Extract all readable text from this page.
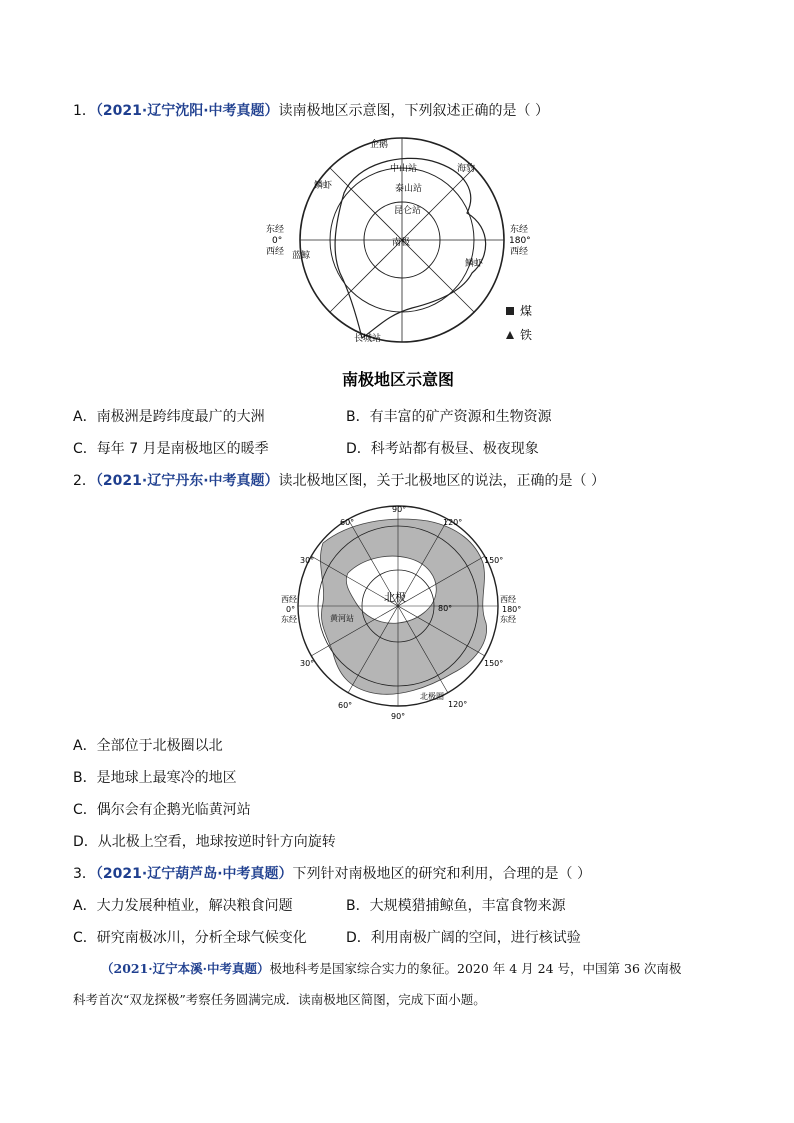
1．（2021·辽宁沈阳·中考真题）读南极地区示意图，下列叙述正确的是（ ）
南极
企鹅
中山站
泰山站
昆仑站
长城站
海豹
鳞虾
鳞虾
蓝鲸
东经
0°
西经
东经
180°
西经
煤
铁
南极地区示意图
A．南极洲是跨纬度最广的大洲	B．有丰富的矿产资源和生物资源
C．每年 7 月是南极地区的暖季	D．科考站都有极昼、极夜现象
2．（2021·辽宁丹东·中考真题）读北极地区图，关于北极地区的说法，正确的是（ ）
北极
黄河站
北极圈
80°
60°
90°
120°
60°
90°
120°
30°
30°
150°
150°
西经
0°
东经
西经
180°
东经
A．全部位于北极圈以北
B．是地球上最寒冷的地区
C．偶尔会有企鹅光临黄河站
D．从北极上空看，地球按逆时针方向旋转
3．（2021·辽宁葫芦岛·中考真题）下列针对南极地区的研究和利用，合理的是（ ）
A．大力发展种植业，解决粮食问题	B．大规模猎捕鲸鱼，丰富食物来源
C．研究南极冰川，分析全球气候变化	D．利用南极广阔的空间，进行核试验
（2021·辽宁本溪·中考真题）极地科考是国家综合实力的象征。2020 年 4 月 24 号，中国第 36 次南极
科考首次“双龙探极”考察任务圆满完成．读南极地区简图，完成下面小题。
